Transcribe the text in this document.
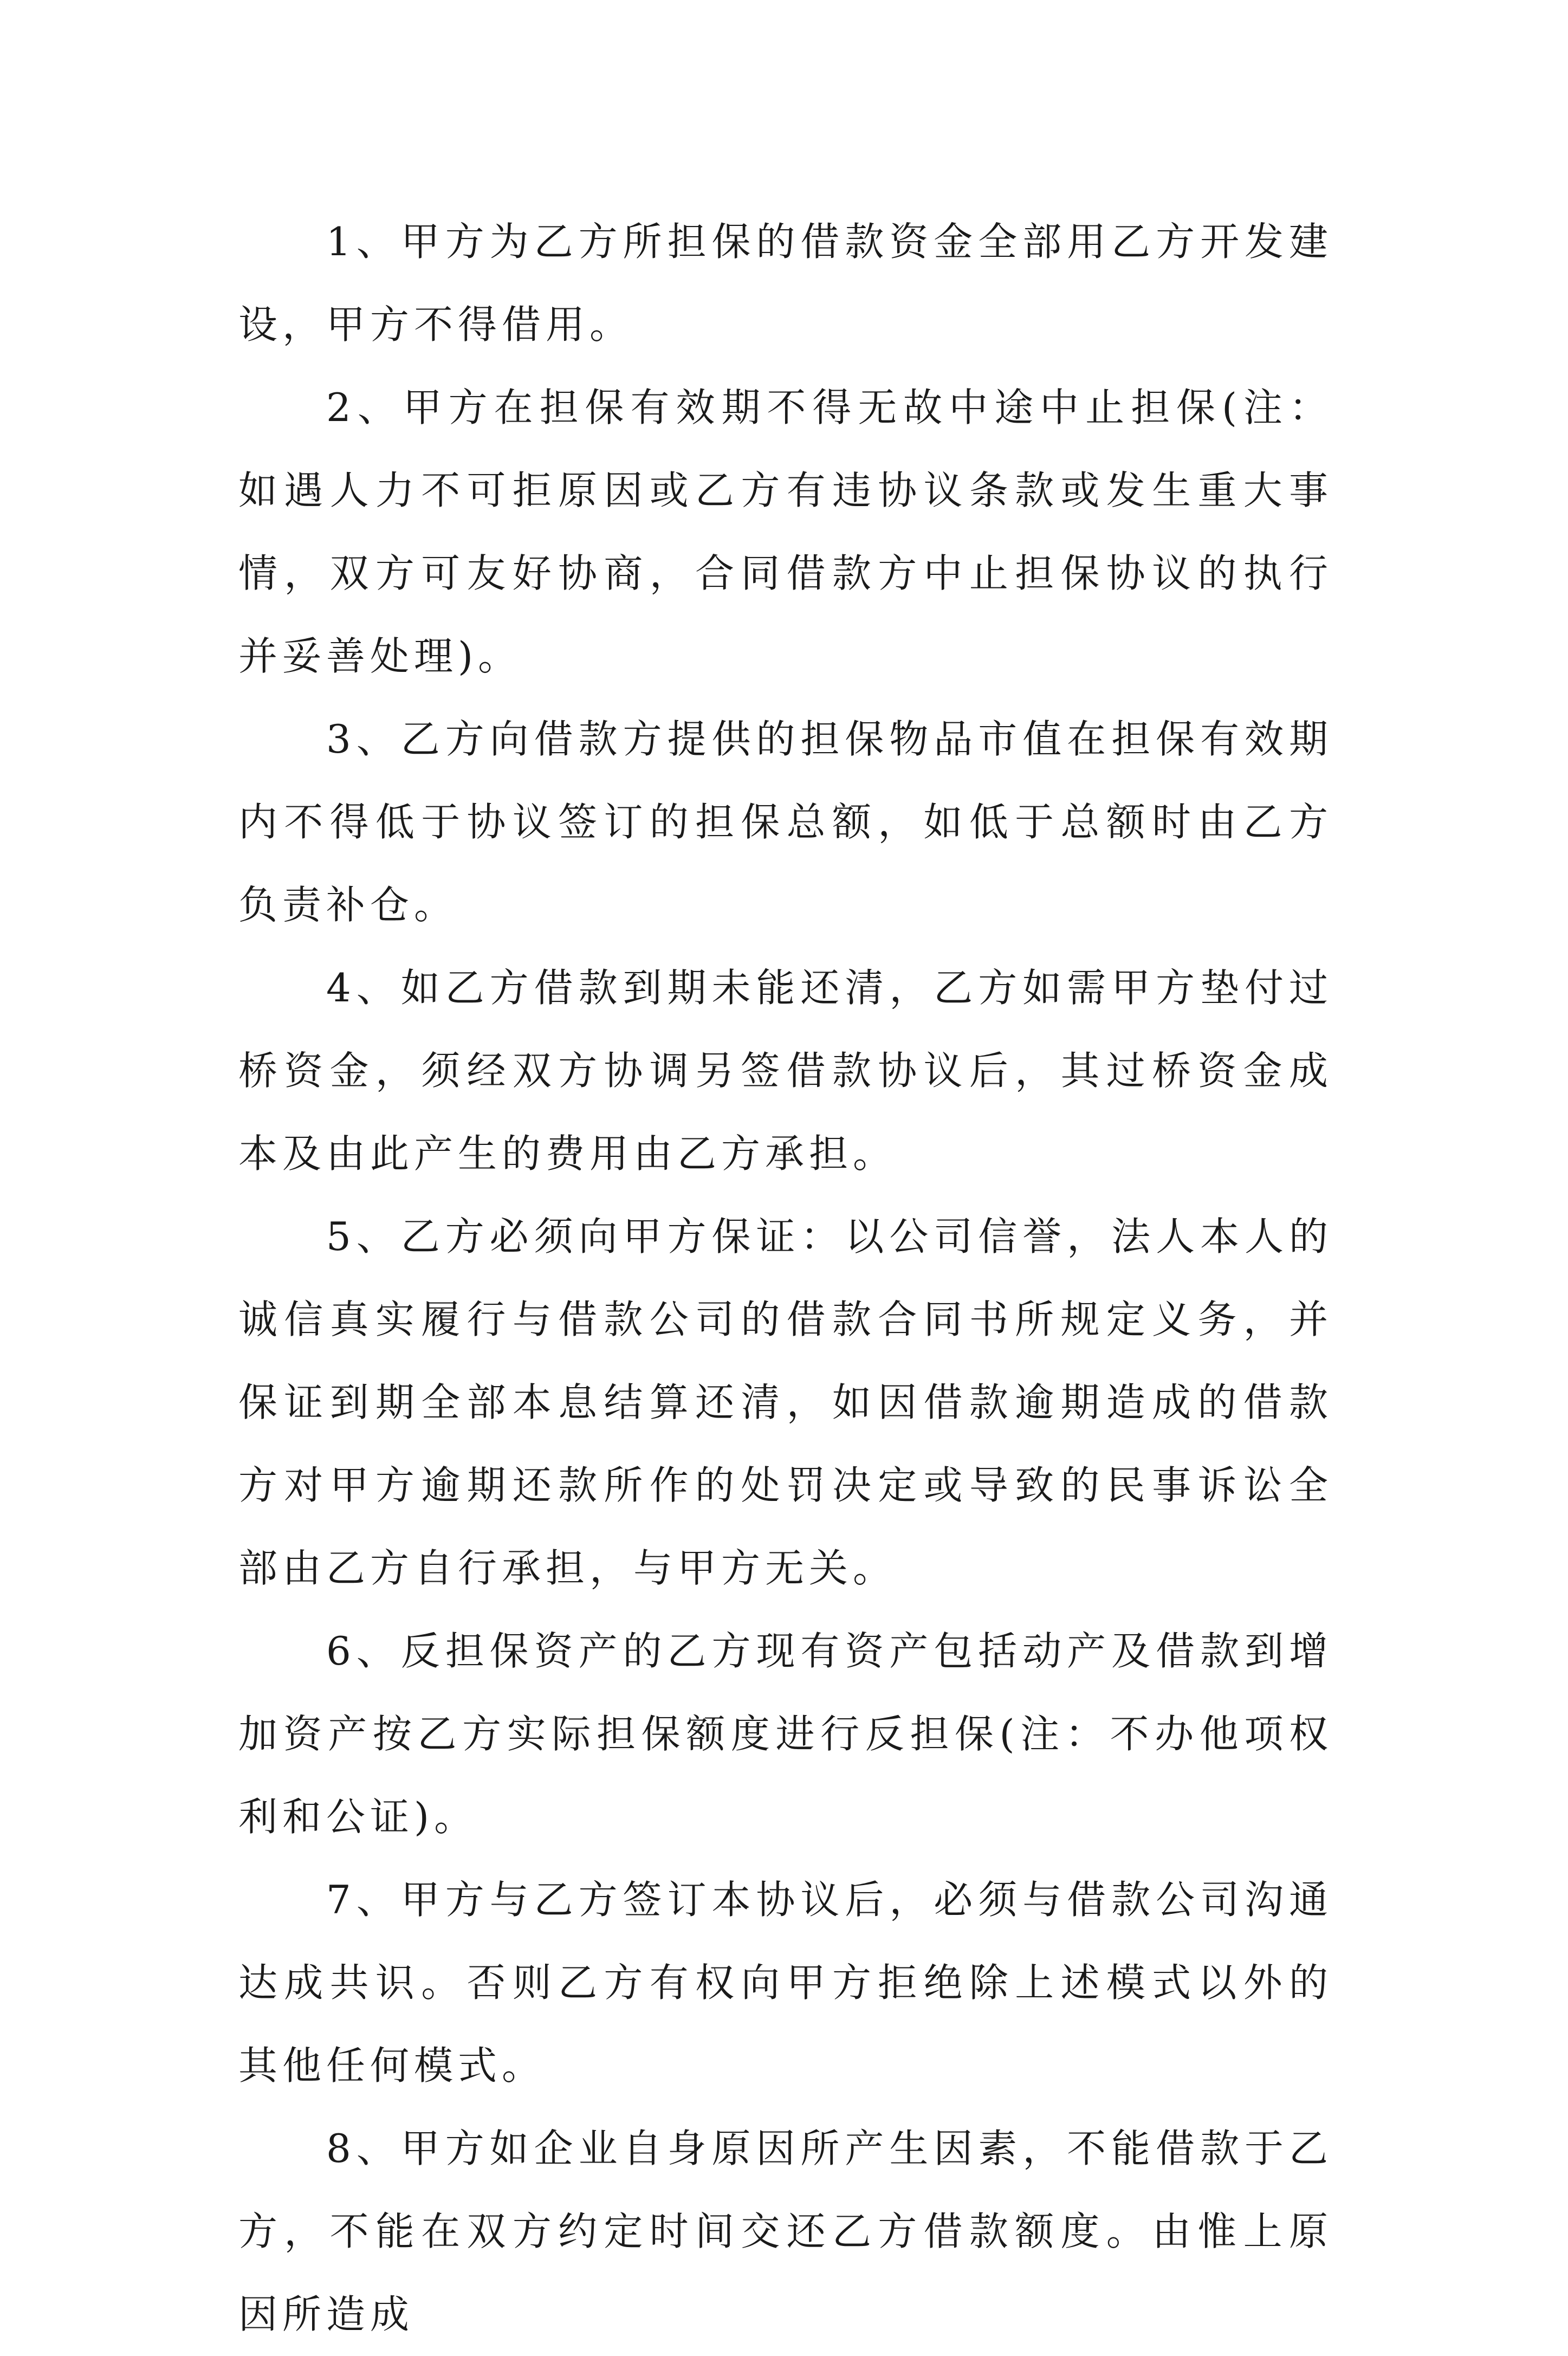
1、甲方为乙方所担保的借款资金全部用乙方开发建设，甲方不得借用。

2、甲方在担保有效期不得无故中途中止担保(注：如遇人力不可拒原因或乙方有违协议条款或发生重大事情，双方可友好协商，合同借款方中止担保协议的执行并妥善处理)。

3、乙方向借款方提供的担保物品市值在担保有效期内不得低于协议签订的担保总额，如低于总额时由乙方负责补仓。

4、如乙方借款到期未能还清，乙方如需甲方垫付过桥资金，须经双方协调另签借款协议后，其过桥资金成本及由此产生的费用由乙方承担。

5、乙方必须向甲方保证：以公司信誉，法人本人的诚信真实履行与借款公司的借款合同书所规定义务，并保证到期全部本息结算还清，如因借款逾期造成的借款方对甲方逾期还款所作的处罚决定或导致的民事诉讼全部由乙方自行承担，与甲方无关。

6、反担保资产的乙方现有资产包括动产及借款到增加资产按乙方实际担保额度进行反担保(注：不办他项权利和公证)。

7、甲方与乙方签订本协议后，必须与借款公司沟通达成共识。否则乙方有权向甲方拒绝除上述模式以外的其他任何模式。

8、甲方如企业自身原因所产生因素，不能借款于乙方，不能在双方约定时间交还乙方借款额度。由惟上原因所造成
